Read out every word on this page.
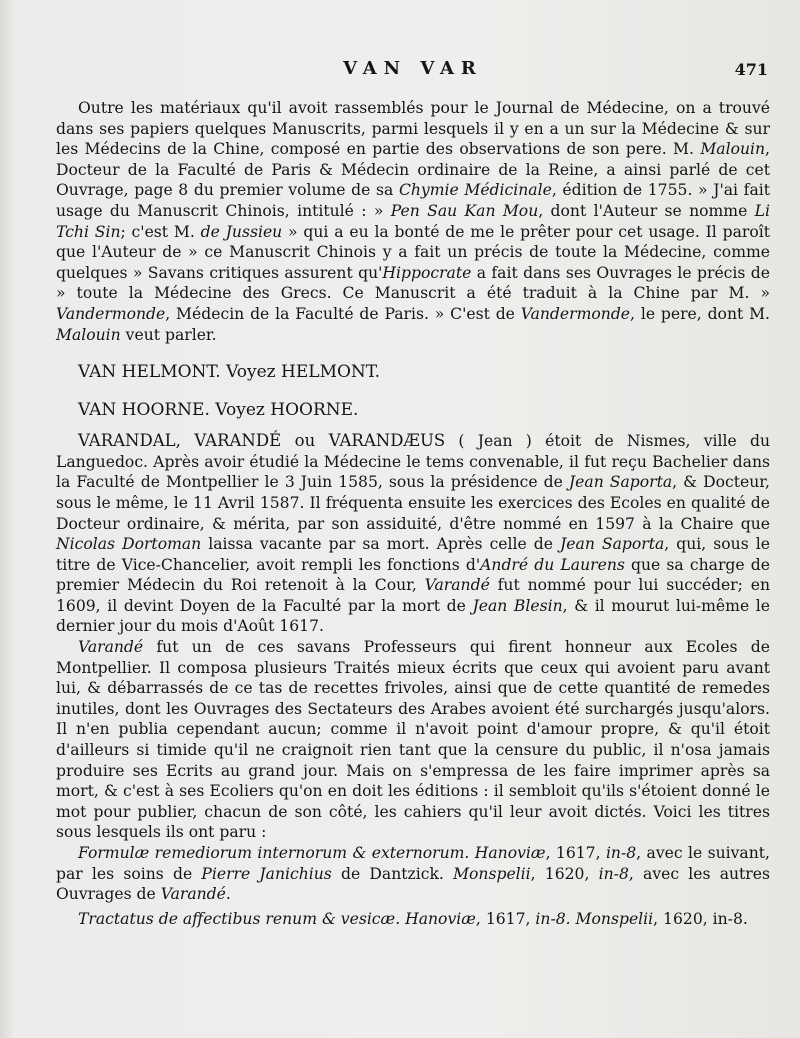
VAN VAR	471

Outre les matériaux qu'il avoit rassemblés pour le Journal de Médecine, on a trouvé dans ses papiers quelques Manuscrits, parmi lesquels il y en a un sur la Médecine & sur les Médecins de la Chine, composé en partie des observations de son pere. M. Malouin, Docteur de la Faculté de Paris & Médecin ordinaire de la Reine, a ainsi parlé de cet Ouvrage, page 8 du premier volume de sa Chymie Médicinale, édition de 1755. » J'ai fait usage du Manuscrit Chinois, intitulé : » Pen Sau Kan Mou, dont l'Auteur se nomme Li Tchi Sin; c'est M. de Jussieu » qui a eu la bonté de me le prêter pour cet usage. Il paroît que l'Auteur de » ce Manuscrit Chinois y a fait un précis de toute la Médecine, comme quelques » Savans critiques assurent qu'Hippocrate a fait dans ses Ouvrages le précis de » toute la Médecine des Grecs. Ce Manuscrit a été traduit à la Chine par M. » Vandermonde, Médecin de la Faculté de Paris. » C'est de Vandermonde, le pere, dont M. Malouin veut parler.

VAN HELMONT. Voyez HELMONT.

VAN HOORNE. Voyez HOORNE.

VARANDAL, VARANDÉ ou VARANDÆUS ( Jean ) étoit de Nismes, ville du Languedoc. Après avoir étudié la Médecine le tems convenable, il fut reçu Bachelier dans la Faculté de Montpellier le 3 Juin 1585, sous la présidence de Jean Saporta, & Docteur, sous le même, le 11 Avril 1587. Il fréquenta ensuite les exercices des Ecoles en qualité de Docteur ordinaire, & mérita, par son assiduité, d'être nommé en 1597 à la Chaire que Nicolas Dortoman laissa vacante par sa mort. Après celle de Jean Saporta, qui, sous le titre de Vice-Chancelier, avoit rempli les fonctions d'André du Laurens que sa charge de premier Médecin du Roi retenoit à la Cour, Varandé fut nommé pour lui succéder; en 1609, il devint Doyen de la Faculté par la mort de Jean Blesin, & il mourut lui-même le dernier jour du mois d'Août 1617.

Varandé fut un de ces savans Professeurs qui firent honneur aux Ecoles de Montpellier. Il composa plusieurs Traités mieux écrits que ceux qui avoient paru avant lui, & débarrassés de ce tas de recettes frivoles, ainsi que de cette quantité de remedes inutiles, dont les Ouvrages des Sectateurs des Arabes avoient été surchargés jusqu'alors. Il n'en publia cependant aucun; comme il n'avoit point d'amour propre, & qu'il étoit d'ailleurs si timide qu'il ne craignoit rien tant que la censure du public, il n'osa jamais produire ses Ecrits au grand jour. Mais on s'empressa de les faire imprimer après sa mort, & c'est à ses Ecoliers qu'on en doit les éditions : il sembloit qu'ils s'étoient donné le mot pour publier, chacun de son côté, les cahiers qu'il leur avoit dictés. Voici les titres sous lesquels ils ont paru :

Formulæ remediorum internorum & externorum. Hanoviæ, 1617, in-8, avec le suivant, par les soins de Pierre Janichius de Dantzick. Monspelii, 1620, in-8, avec les autres Ouvrages de Varandé.

Tractatus de affectibus renum & vesicæ. Hanoviæ, 1617, in-8. Monspelii, 1620, in-8.
